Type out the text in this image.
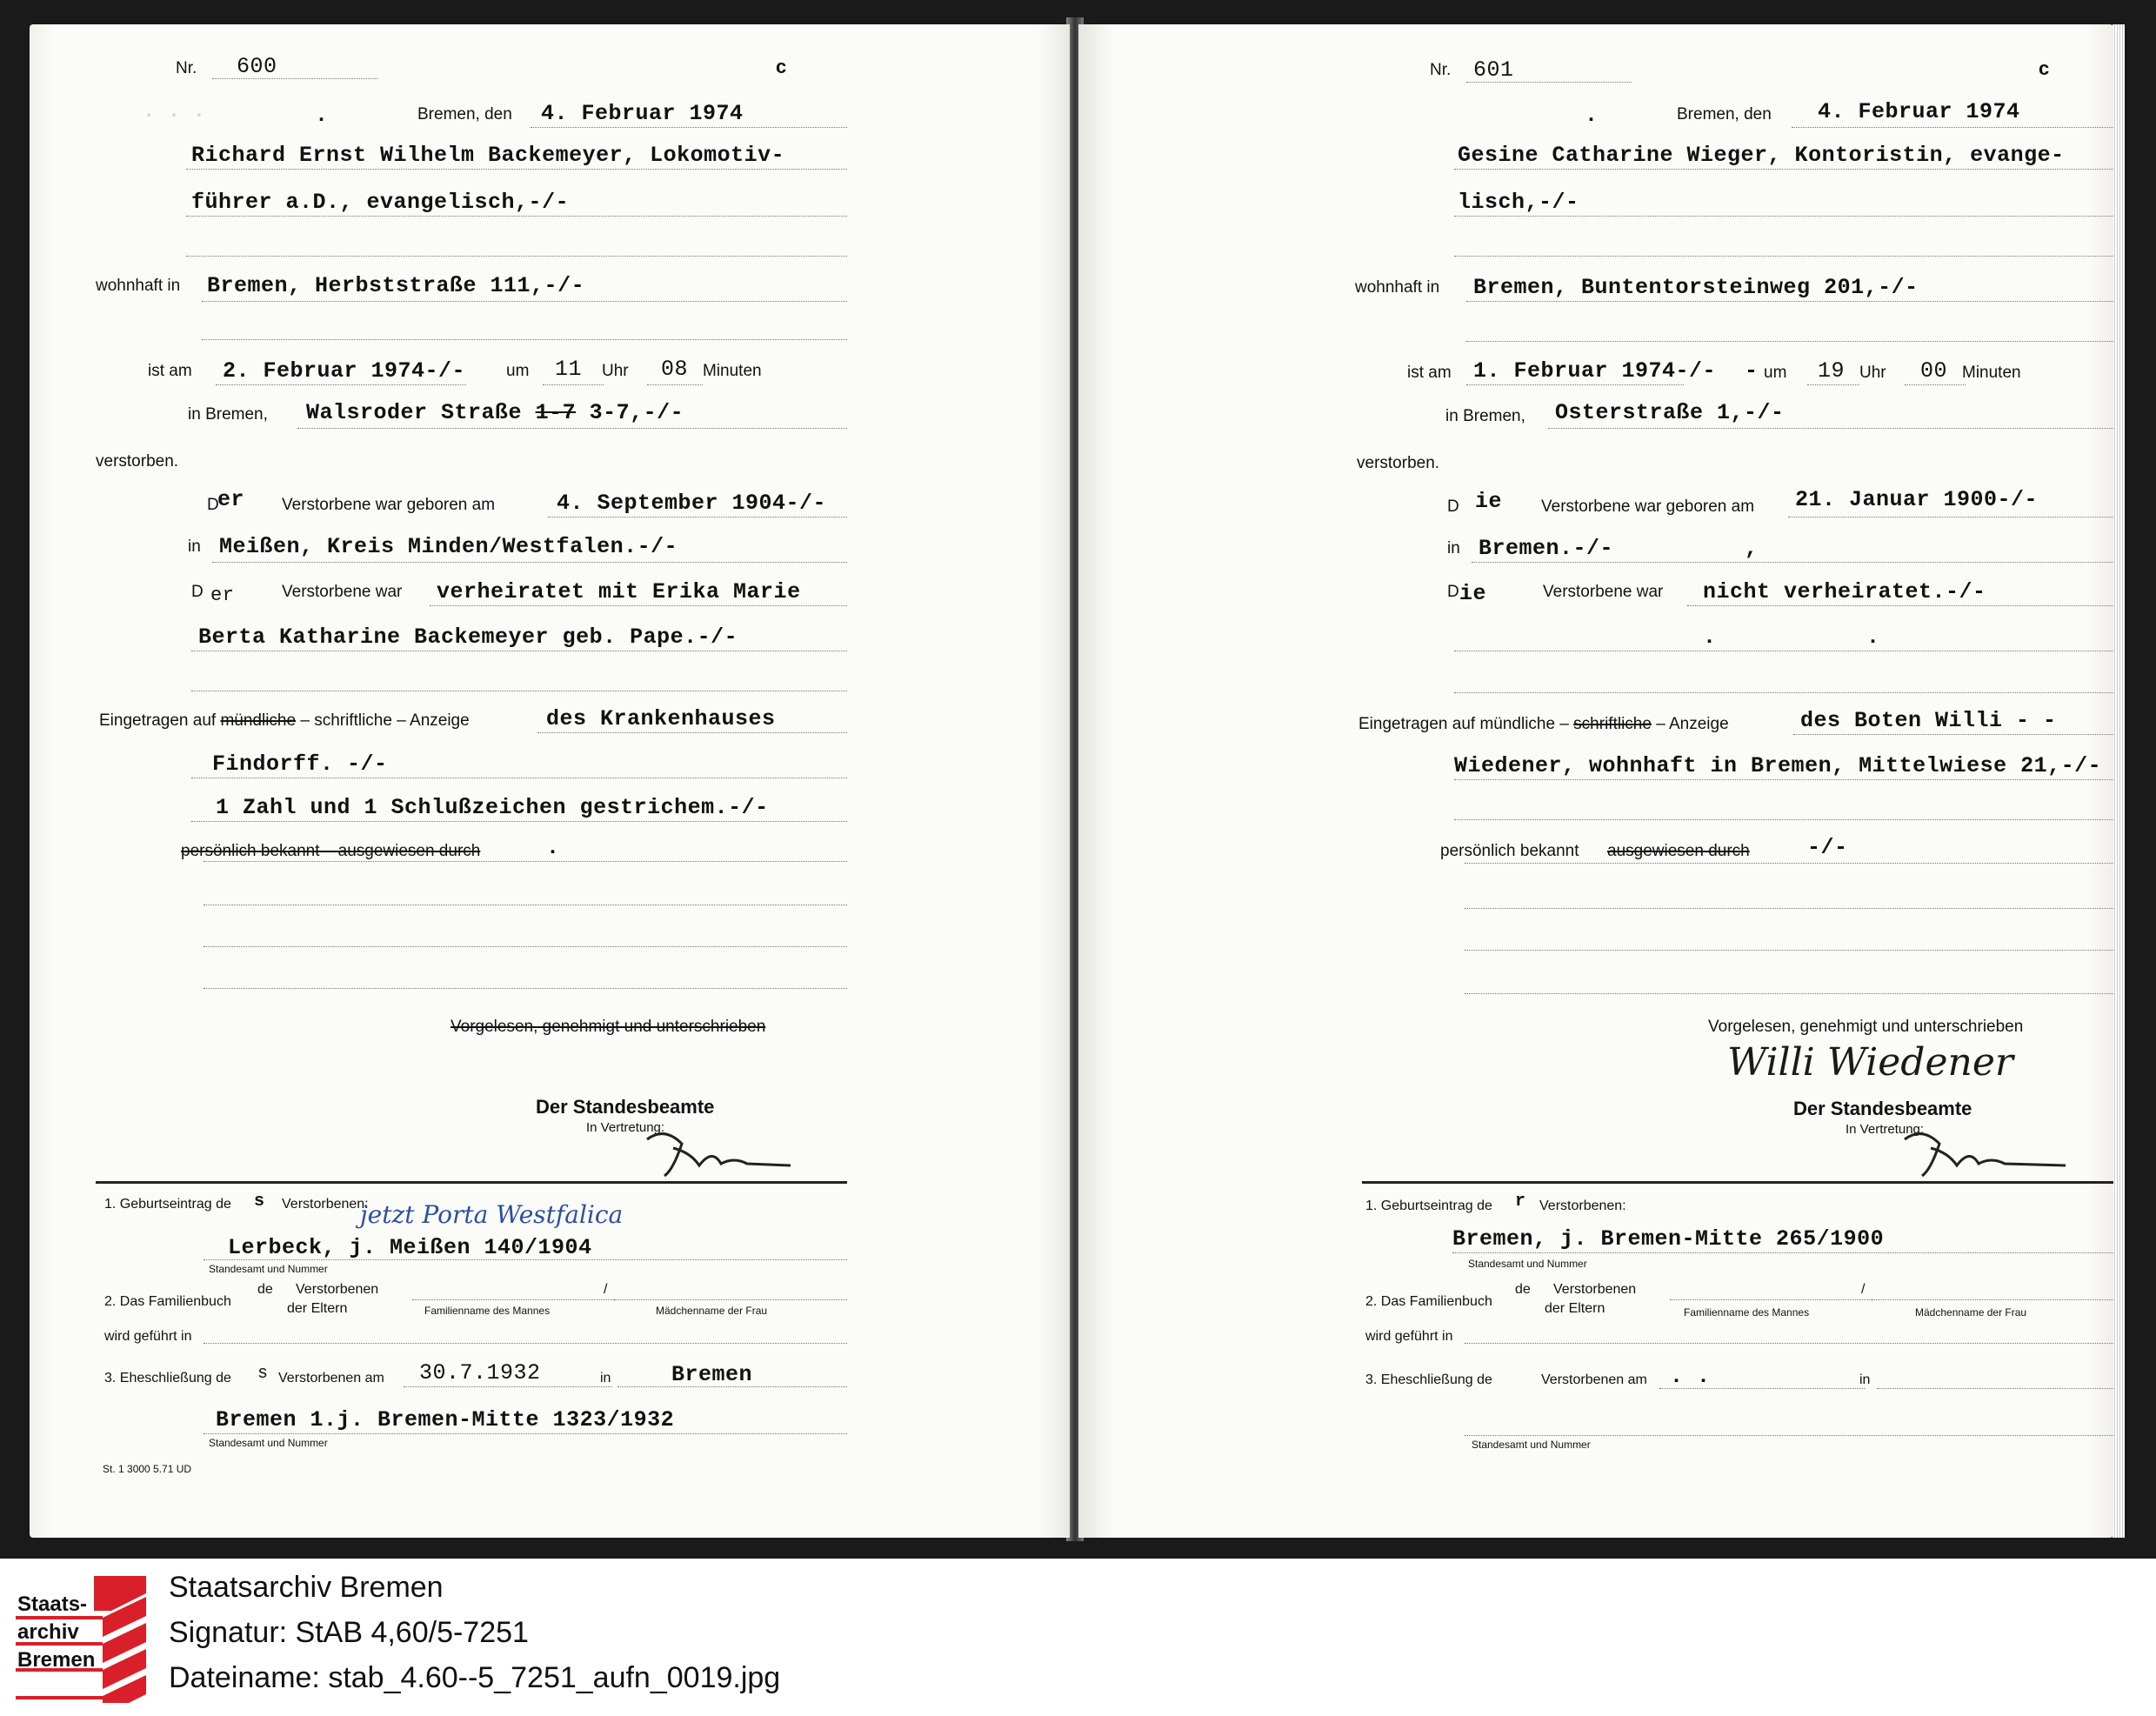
· · ·
Nr. 600	c
.	Bremen, den 4. Februar 1974
Richard Ernst Wilhelm Backemeyer, Lokomotiv-
führer a.D., evangelisch,-/-
wohnhaft in Bremen, Herbststraße 111,-/-
ist am 2. Februar 1974-/- um 11 Uhr 08 Minuten
in Bremen, Walsroder Straße 1-7 3-7,-/-
verstorben.
D
er Verstorbene war geboren am	4. September 1904-/-
in Meißen, Kreis Minden/Westfalen.-/-
D er	Verstorbene war verheiratet mit Erika Marie
Berta Katharine Backemeyer geb. Pape.-/-
Eingetragen auf mündliche – schriftliche – Anzeige	des Krankenhauses
Findorff. -/-
1 Zahl und 1 Schlußzeichen gestrichem.-/-
persönlich bekannt – ausgewiesen durch	.
Vorgelesen, genehmigt und unterschrieben
Der Standesbeamte
In Vertretung:
1. Geburtseintrag de s Verstorbenen:
jetzt Porta Westfalica
Lerbeck, j. Meißen 140/1904
Standesamt und Nummer
2. Das Familienbuch
de Verstorbenen
der Eltern
/
Familienname des Mannes	Mädchenname der Frau
wird geführt in
3. Eheschließung de s Verstorbenen am 30.7.1932	in	Bremen
Bremen 1.j. Bremen-Mitte 1323/1932
Standesamt und Nummer
St. 1 3000 5.71 UD
Nr. 601	c
.	Bremen, den 4. Februar 1974
Gesine Catharine Wieger, Kontoristin, evange-
lisch,-/-
wohnhaft in Bremen, Buntentorsteinweg 201,-/-
ist am 1. Februar 1974-/- - um 19 Uhr 00 Minuten
in Bremen, Osterstraße 1,-/-
verstorben.
D ie Verstorbene war geboren am 21. Januar 1900-/-
in Bremen.-/-	,
D ie	Verstorbene war nicht verheiratet.-/-
.	.
Eingetragen auf mündliche – schriftliche – Anzeige	des Boten Willi - -
Wiedener, wohnhaft in Bremen, Mittelwiese 21,-/-
persönlich bekannt ausgewiesen durch	-/-
Vorgelesen, genehmigt und unterschrieben
Willi Wiedener
Der Standesbeamte
In Vertretung:
1. Geburtseintrag de r Verstorbenen:
Bremen, j. Bremen-Mitte 265/1900
Standesamt und Nummer
2. Das Familienbuch
de Verstorbenen
der Eltern
/
Familienname des Mannes	Mädchenname der Frau
wird geführt in
3. Eheschließung de	Verstorbenen am . .	in
Standesamt und Nummer
Staats-
archiv
Bremen
Staatsarchiv Bremen
Signatur: StAB 4,60/5-7251
Dateiname: stab_4.60--5_7251_aufn_0019.jpg
